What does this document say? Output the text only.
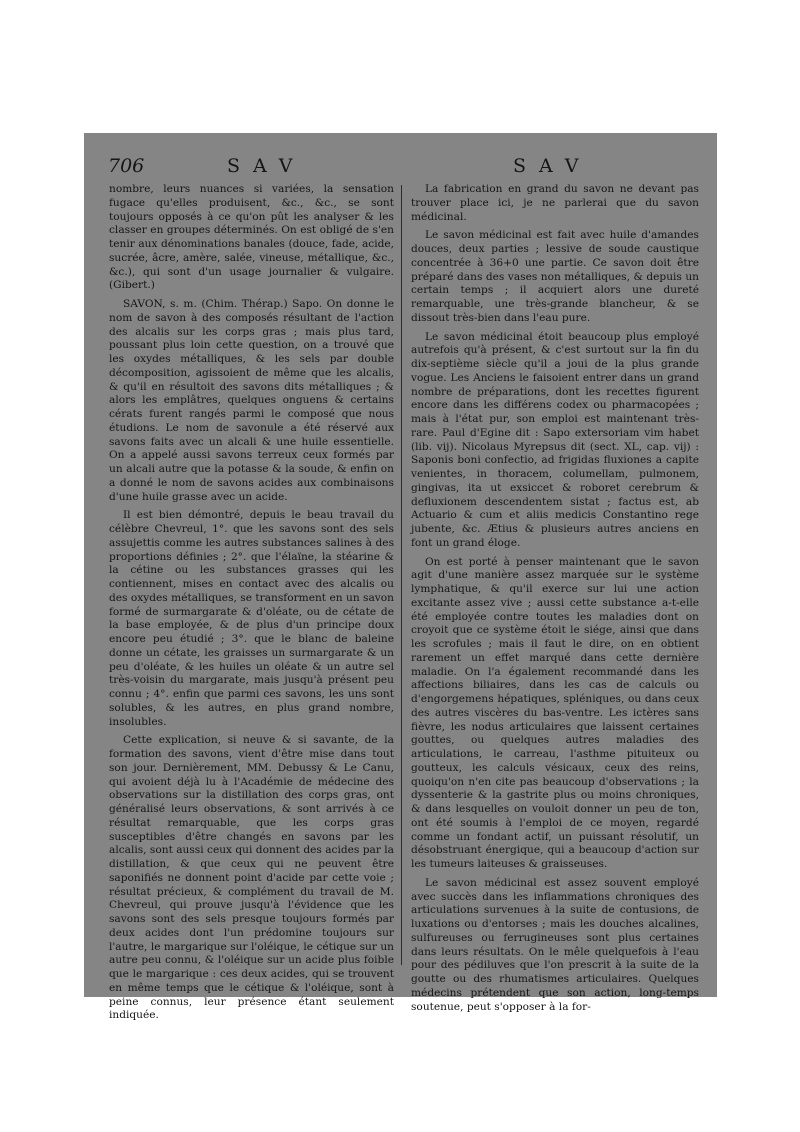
706	SAV	SAV

nombre, leurs nuances si variées, la sensation fugace qu'elles produisent, &c., &c., se sont toujours opposés à ce qu'on pût les analyser & les classer en groupes déterminés. On est obligé de s'en tenir aux dénominations banales (douce, fade, acide, sucrée, âcre, amère, salée, vineuse, métallique, &c., &c.), qui sont d'un usage journalier & vulgaire. (Gibert.)

SAVON, s. m. (Chim. Thérap.) Sapo. On donne le nom de savon à des composés résultant de l'action des alcalis sur les corps gras ; mais plus tard, poussant plus loin cette question, on a trouvé que les oxydes métalliques, & les sels par double décomposition, agissoient de même que les alcalis, & qu'il en résultoit des savons dits métalliques ; & alors les emplâtres, quelques onguens & certains cérats furent rangés parmi le composé que nous étudions. Le nom de savonule a été réservé aux savons faits avec un alcali & une huile essentielle. On a appelé aussi savons terreux ceux formés par un alcali autre que la potasse & la soude, & enfin on a donné le nom de savons acides aux combinaisons d'une huile grasse avec un acide.

Il est bien démontré, depuis le beau travail du célèbre Chevreul, 1°. que les savons sont des sels assujettis comme les autres substances salines à des proportions définies ; 2°. que l'élaïne, la stéarine & la cétine ou les substances grasses qui les contiennent, mises en contact avec des alcalis ou des oxydes métalliques, se transforment en un savon formé de surmargarate & d'oléate, ou de cétate de la base employée, & de plus d'un principe doux encore peu étudié ; 3°. que le blanc de baleine donne un cétate, les graisses un surmargarate & un peu d'oléate, & les huiles un oléate & un autre sel très-voisin du margarate, mais jusqu'à présent peu connu ; 4°. enfin que parmi ces savons, les uns sont solubles, & les autres, en plus grand nombre, insolubles.

Cette explication, si neuve & si savante, de la formation des savons, vient d'être mise dans tout son jour. Dernièrement, MM. Debussy & Le Canu, qui avoient déjà lu à l'Académie de médecine des observations sur la distillation des corps gras, ont généralisé leurs observations, & sont arrivés à ce résultat remarquable, que les corps gras susceptibles d'être changés en savons par les alcalis, sont aussi ceux qui donnent des acides par la distillation, & que ceux qui ne peuvent être saponifiés ne donnent point d'acide par cette voie ; résultat précieux, & complément du travail de M. Chevreul, qui prouve jusqu'à l'évidence que les savons sont des sels presque toujours formés par deux acides dont l'un prédomine toujours sur l'autre, le margarique sur l'oléique, le cétique sur un autre peu connu, & l'oléique sur un acide plus foible que le margarique : ces deux acides, qui se trouvent en même temps que le cétique & l'oléique, sont à peine connus, leur présence étant seulement indiquée.

La fabrication en grand du savon ne devant pas trouver place ici, je ne parlerai que du savon médicinal.

Le savon médicinal est fait avec huile d'amandes douces, deux parties ; lessive de soude caustique concentrée à 36+0 une partie. Ce savon doit être préparé dans des vases non métalliques, & depuis un certain temps ; il acquiert alors une dureté remarquable, une très-grande blancheur, & se dissout très-bien dans l'eau pure.

Le savon médicinal étoit beaucoup plus employé autrefois qu'à présent, & c'est surtout sur la fin du dix-septième siècle qu'il a joui de la plus grande vogue. Les Anciens le faisoient entrer dans un grand nombre de préparations, dont les recettes figurent encore dans les différens codex ou pharmacopées ; mais à l'état pur, son emploi est maintenant très-rare. Paul d'Egine dit : Sapo extersoriam vim habet (lib. vij). Nicolaus Myrepsus dit (sect. XL, cap. vij) : Saponis boni confectio, ad frigidas fluxiones a capite venientes, in thoracem, columellam, pulmonem, gingivas, ita ut exsiccet & roboret cerebrum & defluxionem descendentem sistat ; factus est, ab Actuario & cum et aliis medicis Constantino rege jubente, &c. Ætius & plusieurs autres anciens en font un grand éloge.

On est porté à penser maintenant que le savon agit d'une manière assez marquée sur le système lymphatique, & qu'il exerce sur lui une action excitante assez vive ; aussi cette substance a-t-elle été employée contre toutes les maladies dont on croyoit que ce système étoit le siége, ainsi que dans les scrofules ; mais il faut le dire, on en obtient rarement un effet marqué dans cette dernière maladie. On l'a également recommandé dans les affections biliaires, dans les cas de calculs ou d'engorgemens hépatiques, spléniques, ou dans ceux des autres viscères du bas-ventre. Les ictères sans fièvre, les nodus articulaires que laissent certaines gouttes, ou quelques autres maladies des articulations, le carreau, l'asthme pituiteux ou goutteux, les calculs vésicaux, ceux des reins, quoiqu'on n'en cite pas beaucoup d'observations ; la dyssenterie & la gastrite plus ou moins chroniques, & dans lesquelles on vouloit donner un peu de ton, ont été soumis à l'emploi de ce moyen, regardé comme un fondant actif, un puissant résolutif, un désobstruant énergique, qui a beaucoup d'action sur les tumeurs laiteuses & graisseuses.

Le savon médicinal est assez souvent employé avec succès dans les inflammations chroniques des articulations survenues à la suite de contusions, de luxations ou d'entorses ; mais les douches alcalines, sulfureuses ou ferrugineuses sont plus certaines dans leurs résultats. On le mêle quelquefois à l'eau pour des pédiluves que l'on prescrit à la suite de la goutte ou des rhumatismes articulaires. Quelques médecins prétendent que son action, long-temps soutenue, peut s'opposer à la for-
